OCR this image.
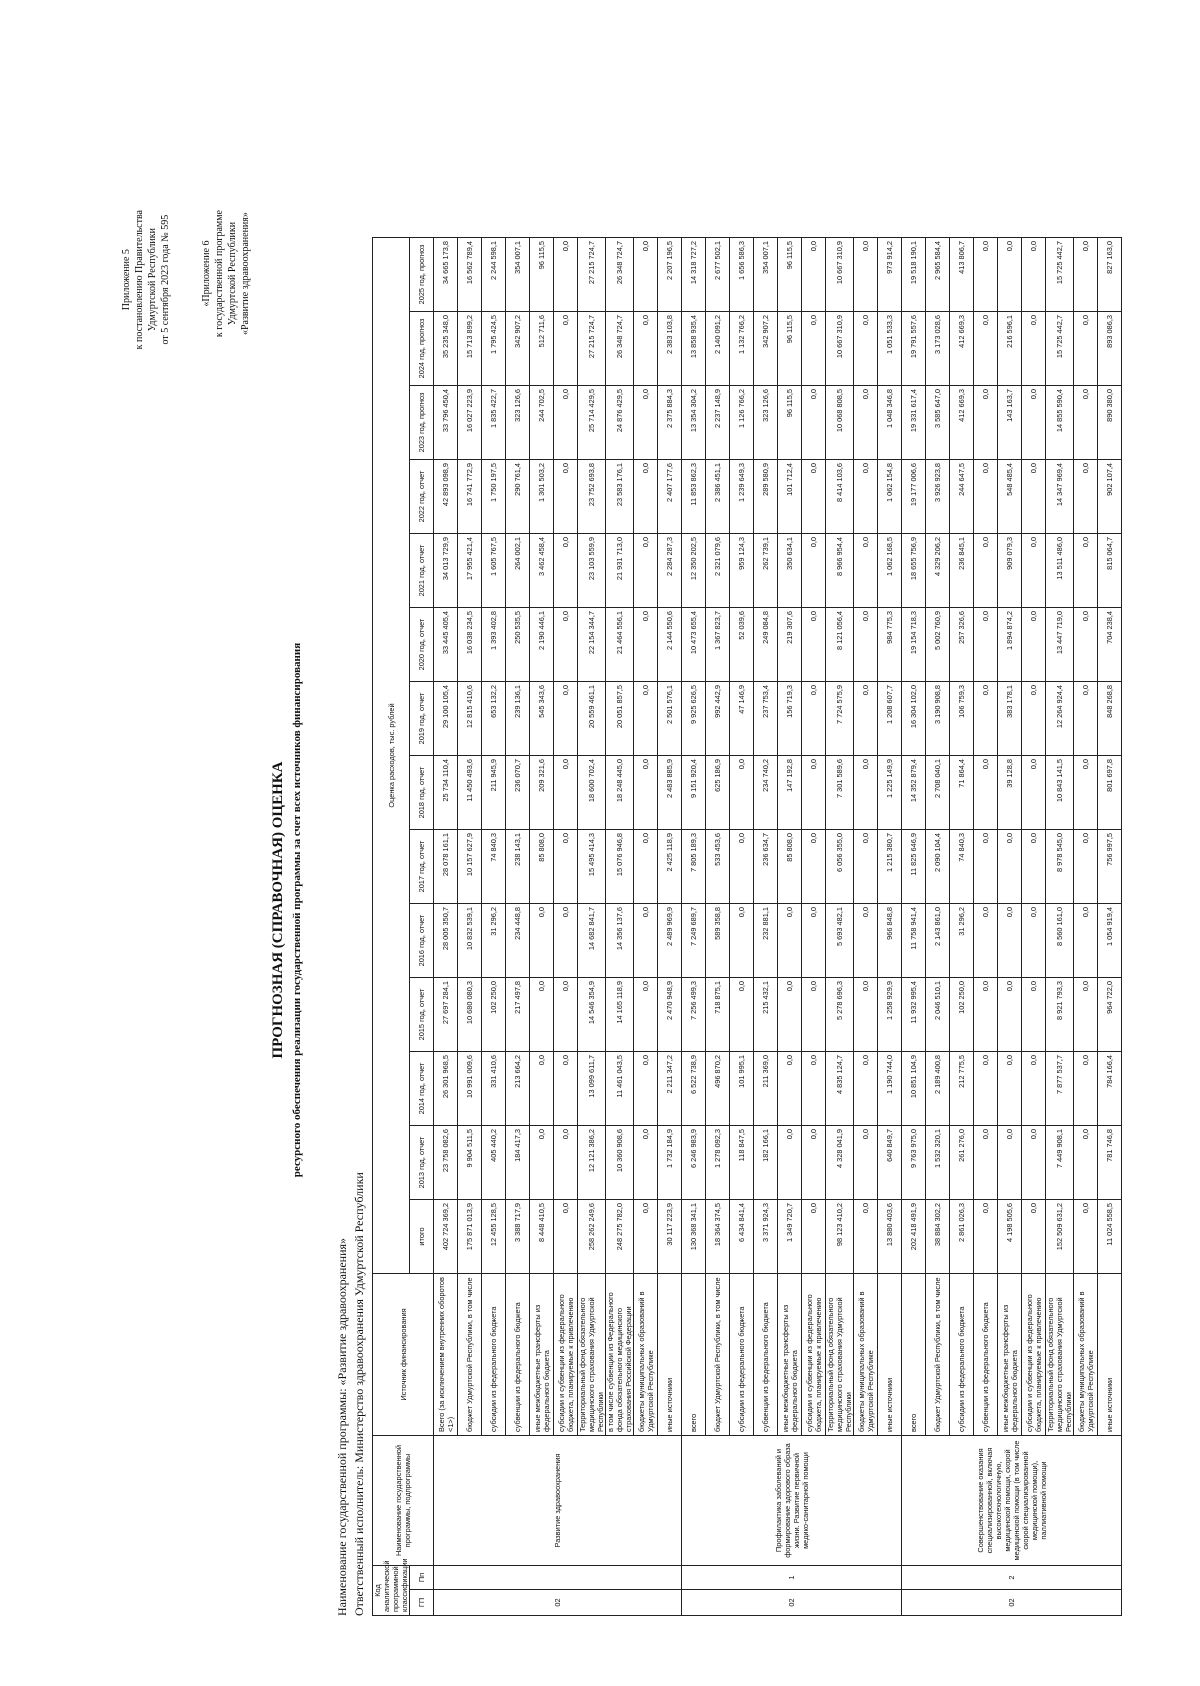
Приложение 5 к постановлению Правительства Удмуртской Республики от 5 сентября 2023 года № 595	«Приложение 6 к государственной программе Удмуртской Республики «Развитие здравоохранения»
ПРОГНОЗНАЯ (СПРАВОЧНАЯ) ОЦЕНКА ресурсного обеспечения реализации государственной программы за счет всех источников финансирования
Наименование государственной программы: «Развитие здравоохранения» Ответственный исполнитель: Министерство здравоохранения Удмуртской Республики Код аналитической программной классификации		Наименование государственной программы, подпрограммы	Источник финансирования	Оценка расходов, тыс. рублей													
ГП	Пп			итого	2013 год, отчет	2014 год, отчет	2015 год, отчет	2016 год, отчет	2017 год, отчет	2018 год, отчет	2019 год, отчет	2020 год, отчет	2021 год, отчет	2022 год, отчет	2023 год, прогноз	2024 год, прогноз	2025 год, прогноз

02		Развитие здравоохранения	Всего (за исключением внутренних оборотов <1>)	402 724 369,2	23 758 082,6	26 301 968,5	27 697 284,1	28 005 350,7	28 078 161,1	25 734 110,4	29 100 105,4	33 445 405,4	34 013 729,9	42 893 098,9	33 796 450,4	35 235 348,0	34 665 173,8
			бюджет Удмуртской Республики, в том числе	175 871 013,9	9 904 511,5	10 991 009,6	10 680 080,3	10 832 539,1	10 157 627,9	11 450 493,6	12 815 410,6	16 038 234,5	17 955 421,4	16 741 772,9	16 027 223,9	15 713 899,2	16 562 789,4
			субсидии из федерального бюджета	12 455 128,5	405 440,2	331 410,6	102 250,0	31 296,2	74 840,3	211 945,9	653 132,2	1 393 402,8	1 605 767,5	1 750 197,5	1 835 422,7	1 795 424,5	2 244 598,1
			субвенции из федерального бюджета	3 388 717,9	184 417,3	213 664,2	217 497,8	234 448,8	238 143,1	236 070,7	239 136,1	250 535,5	264 002,1	290 761,4	323 126,6	342 907,2	354 007,1
			иные межбюджетные трансферты из федерального бюджета	8 448 410,5	0,0	0,0	0,0	0,0	85 808,0	209 321,6	545 343,6	2 190 446,1	3 462 458,4	1 301 503,2	244 702,5	512 711,6	96 115,5
			субсидии и субвенции из федерального бюджета, планируемые к привлечению	0,0	0,0	0,0	0,0	0,0	0,0	0,0	0,0	0,0	0,0	0,0	0,0	0,0	0,0
			Территориальный фонд обязательного медицинского страхования Удмуртской Республики	258 262 249,6	12 121 386,2	13 099 611,7	14 546 354,9	14 682 841,7	15 495 414,3	18 600 702,4	20 559 461,1	22 154 344,7	23 103 559,9	23 752 693,8	25 714 429,5	27 215 724,7	27 215 724,7
			в том числе субвенции из Федерального фонда обязательного медицинского страхования Российской Федерации	248 275 782,0	10 360 908,6	11 461 043,5	14 165 118,9	14 356 137,6	15 076 946,8	18 248 445,0	20 051 857,5	21 464 556,1	21 931 713,0	23 583 176,1	24 876 429,5	26 348 724,7	26 348 724,7
			бюджеты муниципальных образований в Удмуртской Республике	0,0	0,0	0,0	0,0	0,0	0,0	0,0	0,0	0,0	0,0	0,0	0,0	0,0	0,0
			иные источники	30 117 223,9	1 732 184,9	2 211 347,2	2 470 948,9	2 489 969,9	2 425 118,9	2 483 885,9	2 501 576,1	2 144 550,6	2 284 287,3	2 407 177,6	2 375 884,3	2 383 103,8	2 207 196,5
02	1	Профилактика заболеваний и формирование здорового образа жизни. Развитие первичной медико-санитарной помощи	всего	130 368 341,1	6 246 983,9	6 522 738,9	7 256 499,3	7 249 689,7	7 805 189,3	9 151 920,4	9 925 626,5	10 473 655,4	12 350 202,5	11 853 862,3	13 354 304,2	13 858 935,4	14 318 727,2
			бюджет Удмуртской Республики, в том числе	18 364 374,5	1 278 092,3	496 870,2	718 875,1	589 358,8	533 453,6	625 186,9	992 442,9	1 367 823,7	2 321 079,6	2 386 451,1	2 237 148,9	2 140 091,2	2 677 502,1
			субсидии из федерального бюджета	6 434 841,4	118 847,5	101 995,1	0,0	0,0	0,0	0,0	47 146,9	52 039,6	959 124,3	1 239 649,3	1 126 766,2	1 132 766,2	1 656 586,3
			субвенции из федерального бюджета	3 371 924,3	182 166,1	211 369,0	215 432,1	232 881,1	236 634,7	234 740,2	237 753,4	249 084,8	262 739,1	289 580,9	323 126,6	342 907,2	354 007,1
			иные межбюджетные трансферты из федерального бюджета	1 349 720,7	0,0	0,0	0,0	0,0	85 808,0	147 192,8	156 719,3	219 307,6	350 634,1	101 712,4	96 115,5	96 115,5	96 115,5
			субсидии и субвенции из федерального бюджета, планируемые к привлечению	0,0	0,0	0,0	0,0	0,0	0,0	0,0	0,0	0,0	0,0	0,0	0,0	0,0	0,0
			Территориальный фонд обязательного медицинского страхования Удмуртской Республики	98 123 410,2	4 328 041,9	4 835 124,7	5 278 696,3	5 693 482,1	6 056 355,0	7 301 589,6	7 724 575,9	8 121 056,4	8 966 954,4	8 414 103,6	10 068 808,5	10 667 310,9	10 667 310,9
			бюджеты муниципальных образований в Удмуртской Республике	0,0	0,0	0,0	0,0	0,0	0,0	0,0	0,0	0,0	0,0	0,0	0,0	0,0	0,0
			иные источники	13 880 403,6	640 849,7	1 190 744,0	1 258 929,9	966 848,8	1 215 380,7	1 225 149,9	1 208 607,7	984 775,3	1 062 168,5	1 062 154,8	1 048 346,8	1 051 533,3	973 914,2
02	2	Совершенствование оказания специализированной, включая высокотехнологичную, медицинской помощи, скорой медицинской помощи (в том числе скорой специализированной медицинской помощи), паллиативной помощи	всего	202 418 491,9	9 763 975,0	10 851 104,9	11 932 995,4	11 758 941,4	11 825 646,9	14 352 879,4	16 304 102,0	19 154 718,3	18 655 756,9	19 177 006,6	19 331 617,4	19 791 557,6	19 518 190,1
			бюджет Удмуртской Республики, в том числе	38 884 302,2	1 532 320,1	2 189 400,8	2 046 510,1	2 143 861,0	2 090 104,4	2 708 040,1	3 190 908,8	5 002 760,9	4 329 206,2	3 926 923,8	3 585 647,0	3 173 028,6	2 965 584,4
			субсидии из федерального бюджета	2 861 026,3	261 276,0	212 775,5	102 250,0	31 296,2	74 840,3	71 864,4	106 759,3	257 326,6	236 845,1	244 647,5	412 669,3	412 669,3	413 806,7
			субвенции из федерального бюджета	0,0	0,0	0,0	0,0	0,0	0,0	0,0	0,0	0,0	0,0	0,0	0,0	0,0	0,0
			иные межбюджетные трансферты из федерального бюджета	4 198 505,6	0,0	0,0	0,0	0,0	0,0	39 128,8	383 178,1	1 894 874,2	909 079,3	548 485,4	143 163,7	216 596,1	0,0
			субсидии и субвенции из федерального бюджета, планируемые к привлечению	0,0	0,0	0,0	0,0	0,0	0,0	0,0	0,0	0,0	0,0	0,0	0,0	0,0	0,0
			Территориальный фонд обязательного медицинского страхования Удмуртской Республики	152 509 631,2	7 449 908,1	7 877 537,7	8 921 793,3	8 560 161,0	8 978 545,0	10 843 141,5	12 264 924,4	13 447 719,0	13 511 486,0	14 347 969,4	14 855 590,4	15 725 442,7	15 725 442,7
			бюджеты муниципальных образований в Удмуртской Республике	0,0	0,0	0,0	0,0	0,0	0,0	0,0	0,0	0,0	0,0	0,0	0,0	0,0	0,0
			иные источники	11 024 558,5	781 746,8	784 166,4	964 722,0	1 054 919,4	756 997,5	801 697,8	848 268,8	704 238,4	815 064,7	902 107,4	890 380,0	893 086,3	827 163,0
